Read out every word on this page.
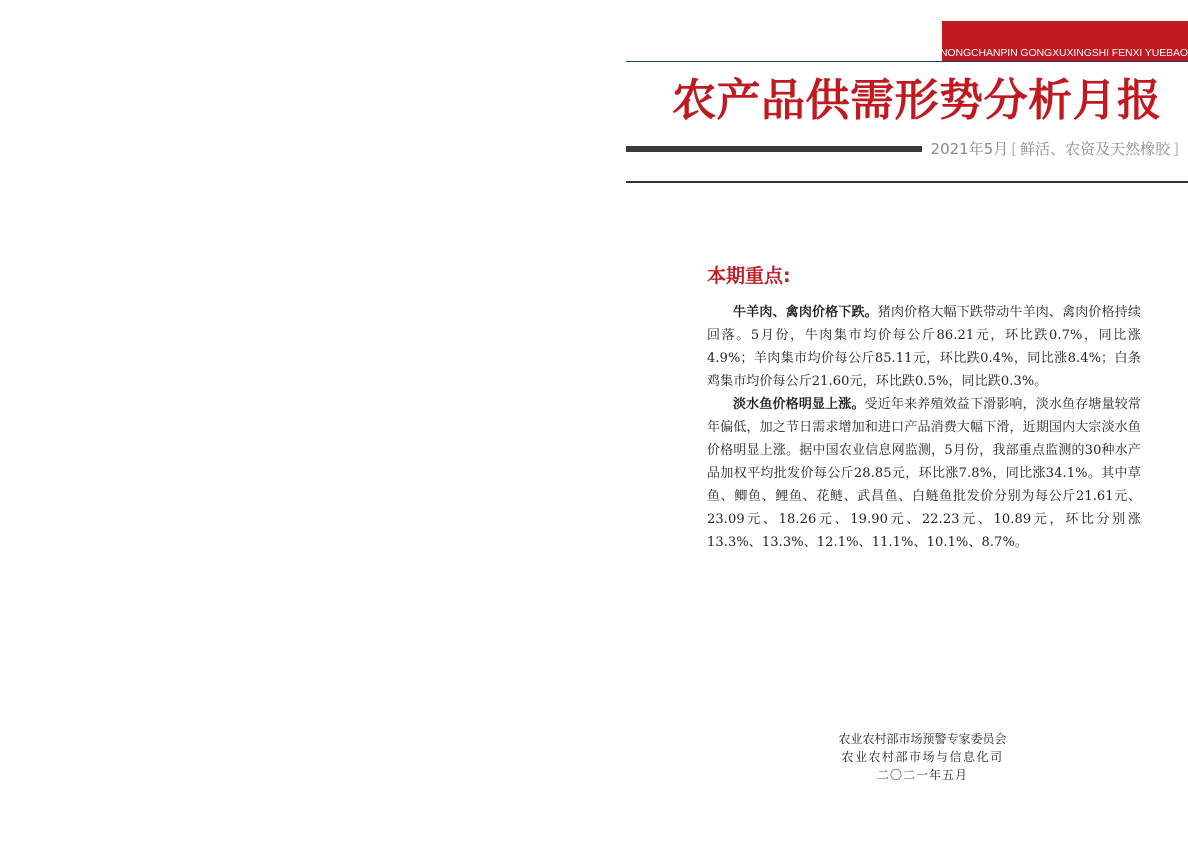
NONGCHANPIN GONGXUXINGSHI FENXI YUEBAO
农产品供需形势分析月报
2021年5月 [ 鲜活、农资及天然橡胶 ]
本期重点:

牛羊肉、禽肉价格下跌。猪肉价格大幅下跌带动牛羊肉、禽肉价格持续回落。5月份，牛肉集市均价每公斤86.21元，环比跌0.7%，同比涨4.9%；羊肉集市均价每公斤85.11元，环比跌0.4%，同比涨8.4%；白条鸡集市均价每公斤21.60元，环比跌0.5%，同比跌0.3%。

淡水鱼价格明显上涨。受近年来养殖效益下滑影响，淡水鱼存塘量较常年偏低，加之节日需求增加和进口产品消费大幅下滑，近期国内大宗淡水鱼价格明显上涨。据中国农业信息网监测，5月份，我部重点监测的30种水产品加权平均批发价每公斤28.85元，环比涨7.8%，同比涨34.1%。其中草鱼、鲫鱼、鲤鱼、花鲢、武昌鱼、白鲢鱼批发价分别为每公斤21.61元、23.09元、18.26元、19.90元、22.23元、10.89元，环比分别涨13.3%、13.3%、12.1%、11.1%、10.1%、8.7%。

农业农村部市场预警专家委员会
农业农村部市场与信息化司
二〇二一年五月
